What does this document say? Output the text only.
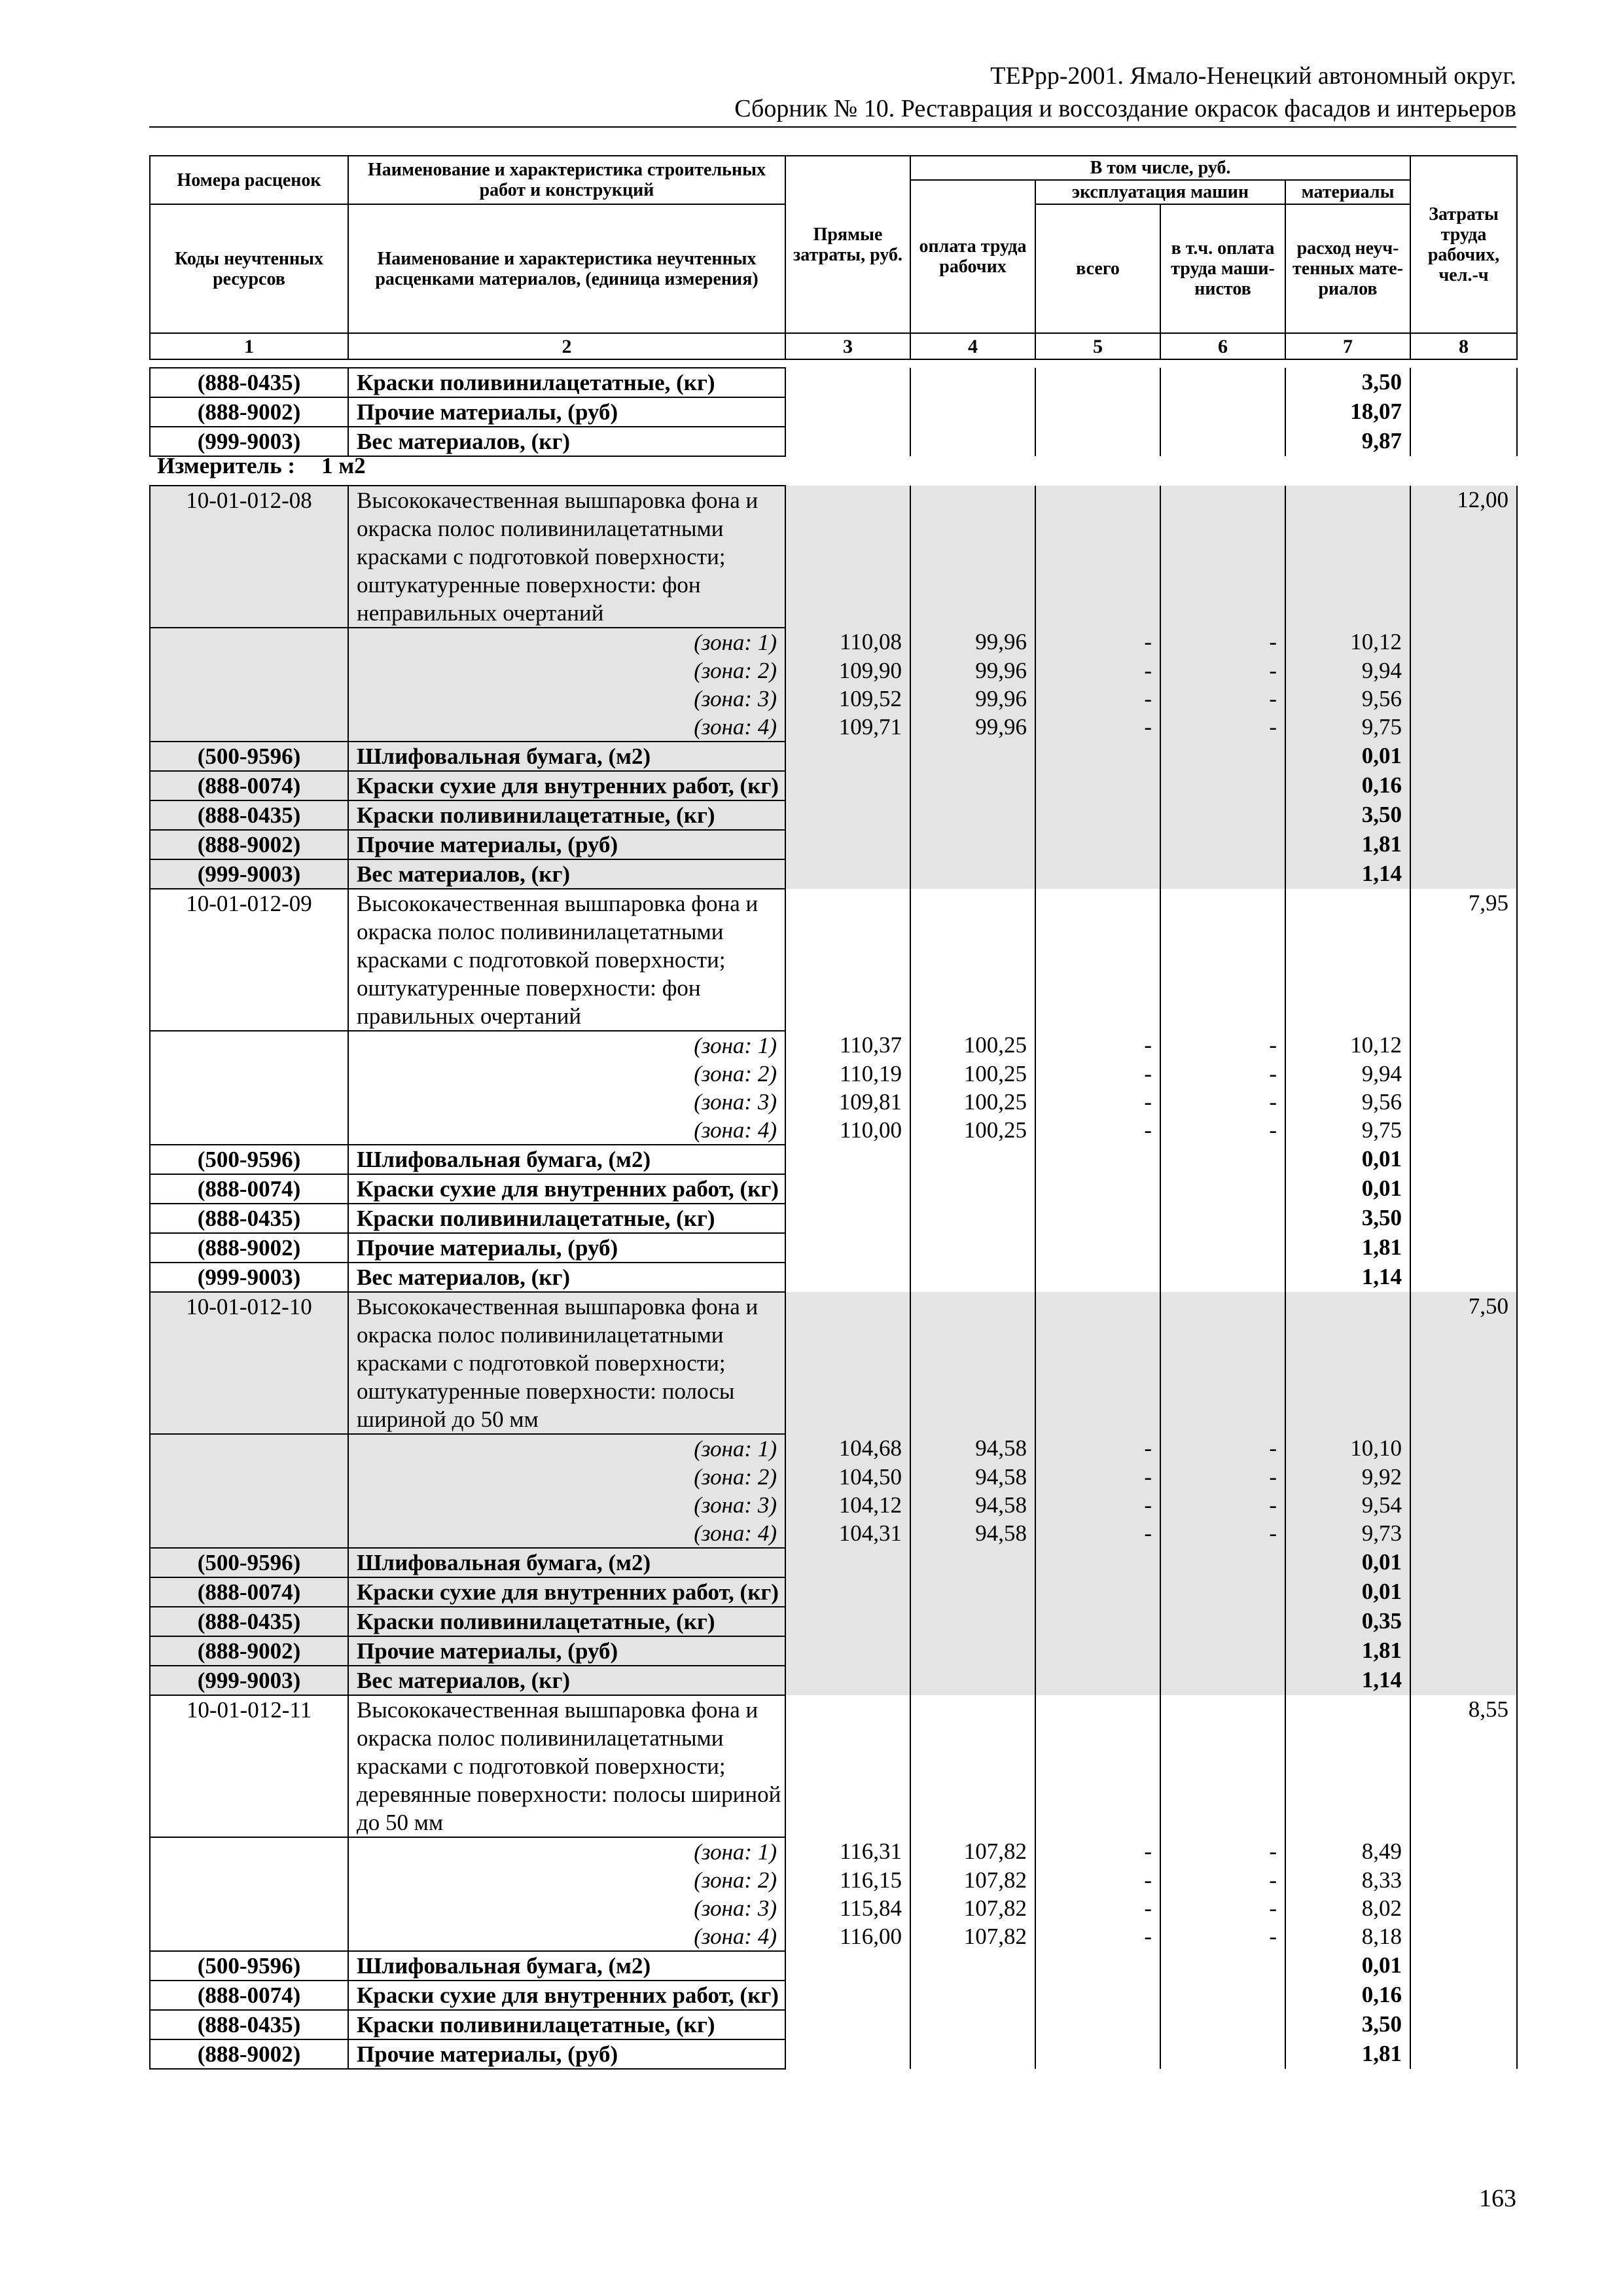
ТЕРрр-2001. Ямало-Ненецкий автономный округ.
Сборник № 10. Реставрация и воссоздание окрасок фасадов и интерьеров
Номера расценок	Наименование и характеристика строительных работ и конструкций	Прямые затраты, руб.	В том числе, руб.				Затраты труда рабочих, чел.-ч
			оплата труда рабочих	эксплуатация машин		материалы	
Коды неучтенных ресурсов	Наименование и характеристика неучтенных расценками материалов, (единица измерения)			всего	в т.ч. оплата труда маши-нистов	расход неуч-тенных мате-риалов	
1	2	3	4	5	6	7	8
(888-0435)	Краски поливинилацетатные, (кг)					3,50	
(888-9002)	Прочие материалы, (руб)					18,07	
(999-9003)	Вес материалов, (кг)					9,87	
Измеритель : 1 м2
10-01-012-08	Высококачественная вышпаровка фона и окраска полос поливинилацетатными красками с подготовкой поверхности; оштукатуренные поверхности: фон неправильных очертаний						12,00
	(зона: 1)	110,08	99,96	-	-	10,12	
	(зона: 2)	109,90	99,96	-	-	9,94	
	(зона: 3)	109,52	99,96	-	-	9,56	
	(зона: 4)	109,71	99,96	-	-	9,75	
(500-9596)	Шлифовальная бумага, (м2)					0,01	
(888-0074)	Краски сухие для внутренних работ, (кг)					0,16	
(888-0435)	Краски поливинилацетатные, (кг)					3,50	
(888-9002)	Прочие материалы, (руб)					1,81	
(999-9003)	Вес материалов, (кг)					1,14	
10-01-012-09	Высококачественная вышпаровка фона и окраска полос поливинилацетатными красками с подготовкой поверхности; оштукатуренные поверхности: фон правильных очертаний						7,95
	(зона: 1)	110,37	100,25	-	-	10,12	
	(зона: 2)	110,19	100,25	-	-	9,94	
	(зона: 3)	109,81	100,25	-	-	9,56	
	(зона: 4)	110,00	100,25	-	-	9,75	
(500-9596)	Шлифовальная бумага, (м2)					0,01	
(888-0074)	Краски сухие для внутренних работ, (кг)					0,01	
(888-0435)	Краски поливинилацетатные, (кг)					3,50	
(888-9002)	Прочие материалы, (руб)					1,81	
(999-9003)	Вес материалов, (кг)					1,14	
10-01-012-10	Высококачественная вышпаровка фона и окраска полос поливинилацетатными красками с подготовкой поверхности; оштукатуренные поверхности: полосы шириной до 50 мм						7,50
	(зона: 1)	104,68	94,58	-	-	10,10	
	(зона: 2)	104,50	94,58	-	-	9,92	
	(зона: 3)	104,12	94,58	-	-	9,54	
	(зона: 4)	104,31	94,58	-	-	9,73	
(500-9596)	Шлифовальная бумага, (м2)					0,01	
(888-0074)	Краски сухие для внутренних работ, (кг)					0,01	
(888-0435)	Краски поливинилацетатные, (кг)					0,35	
(888-9002)	Прочие материалы, (руб)					1,81	
(999-9003)	Вес материалов, (кг)					1,14	
10-01-012-11	Высококачественная вышпаровка фона и окраска полос поливинилацетатными красками с подготовкой поверхности; деревянные поверхности: полосы шириной до 50 мм						8,55
	(зона: 1)	116,31	107,82	-	-	8,49	
	(зона: 2)	116,15	107,82	-	-	8,33	
	(зона: 3)	115,84	107,82	-	-	8,02	
	(зона: 4)	116,00	107,82	-	-	8,18	
(500-9596)	Шлифовальная бумага, (м2)					0,01	
(888-0074)	Краски сухие для внутренних работ, (кг)					0,16	
(888-0435)	Краски поливинилацетатные, (кг)					3,50	
(888-9002)	Прочие материалы, (руб)					1,81	
163
